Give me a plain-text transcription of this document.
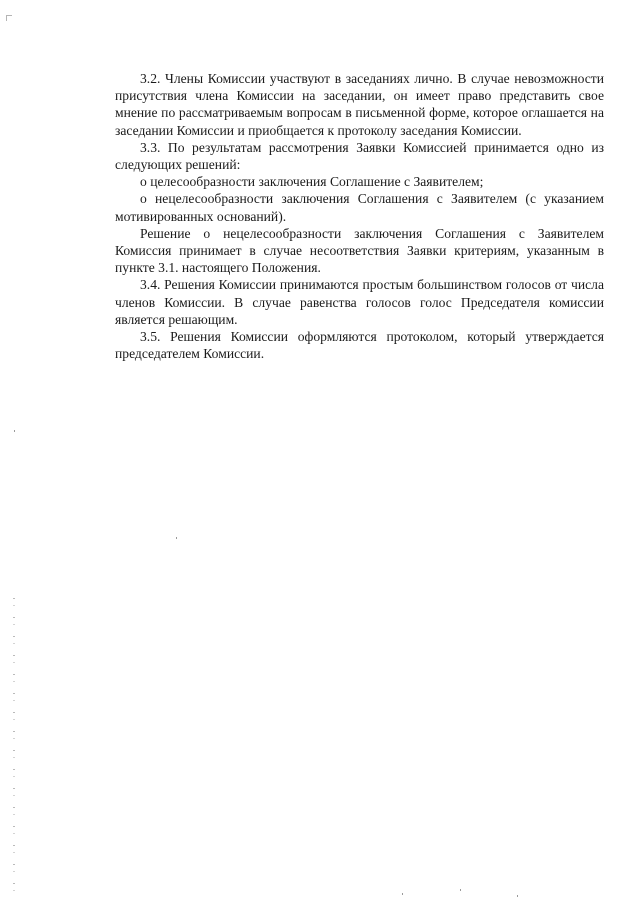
3.2. Члены Комиссии участвуют в заседаниях лично. В случае невозможности присутствия члена Комиссии на заседании, он имеет право представить свое мнение по рассматриваемым вопросам в письменной форме, которое оглашается на заседании Комиссии и приобщается к протоколу заседания Комиссии.

3.3. По результатам рассмотрения Заявки Комиссией принимается одно из следующих решений:

о целесообразности заключения Соглашение с Заявителем;

о нецелесообразности заключения Соглашения с Заявителем (с указанием мотивированных оснований).

Решение о нецелесообразности заключения Соглашения с Заявителем Комиссия принимает в случае несоответствия Заявки критериям, указанным в пункте 3.1. настоящего Положения.

3.4. Решения Комиссии принимаются простым большинством голосов от числа членов Комиссии. В случае равенства голосов голос Председателя комиссии является решающим.

3.5. Решения Комиссии оформляются протоколом, который утверждается председателем Комиссии.
